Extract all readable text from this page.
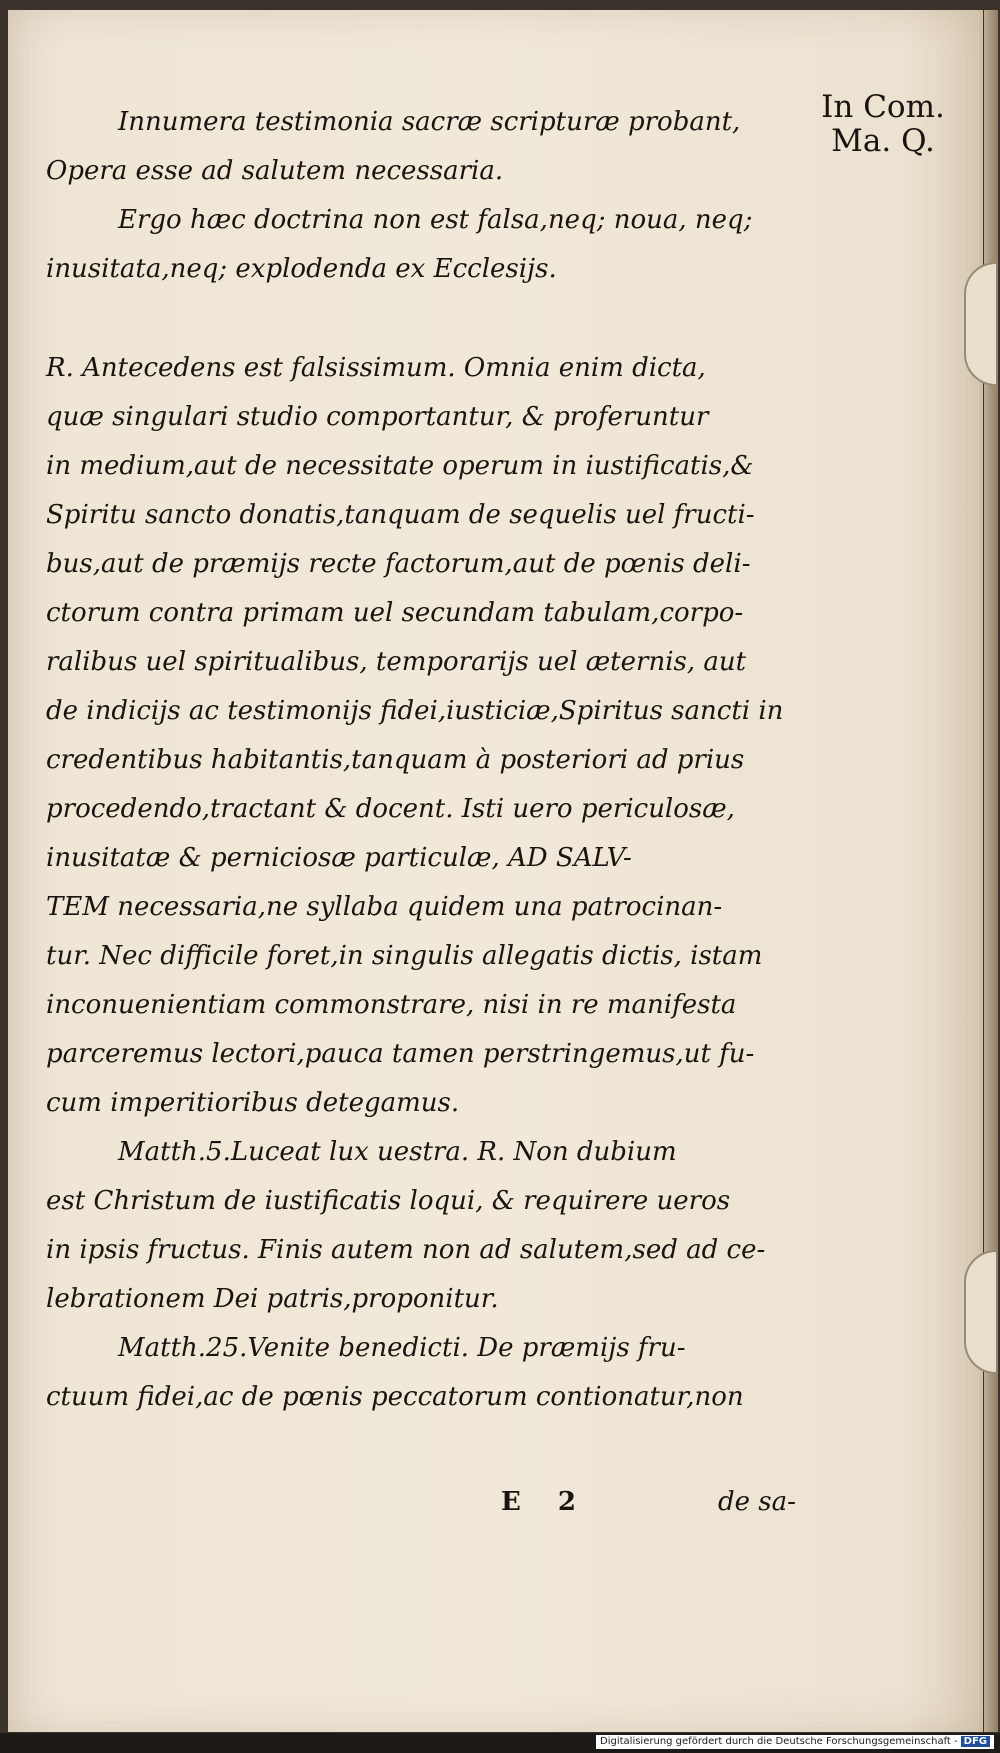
In Com.
Ma. Q.
Innumera testimonia sacræ scripturæ probant,
Opera esse ad salutem necessaria.
Ergo hæc doctrina non est falsa,neq; noua, neq;
inusitata,neq; explodenda ex Ecclesijs.
R. Antecedens est falsissimum. Omnia enim dicta,
quæ singulari studio comportantur, & proferuntur
in medium,aut de necessitate operum in iustificatis,&
Spiritu sancto donatis,tanquam de sequelis uel fructi-
bus,aut de præmijs recte factorum,aut de pœnis deli-
ctorum contra primam uel secundam tabulam,corpo-
ralibus uel spiritualibus, temporarijs uel æternis, aut
de indicijs ac testimonijs fidei,iusticiæ,Spiritus sancti in
credentibus habitantis,tanquam à posteriori ad prius
procedendo,tractant & docent. Isti uero periculosæ,
inusitatæ & perniciosæ particulæ, AD SALV-
TEM necessaria,ne syllaba quidem una patrocinan-
tur. Nec difficile foret,in singulis allegatis dictis, istam
inconuenientiam commonstrare, nisi in re manifesta
parceremus lectori,pauca tamen perstringemus,ut fu-
cum imperitioribus detegamus.
Matth.5.Luceat lux uestra. R. Non dubium
est Christum de iustificatis loqui, & requirere ueros
in ipsis fructus. Finis autem non ad salutem,sed ad ce-
lebrationem Dei patris,proponitur.
Matth.25.Venite benedicti. De præmijs fru-
ctuum fidei,ac de pœnis peccatorum contionatur,non
E 2	de sa-
Digitalisierung gefördert durch die Deutsche Forschungsgemeinschaft - DFG
